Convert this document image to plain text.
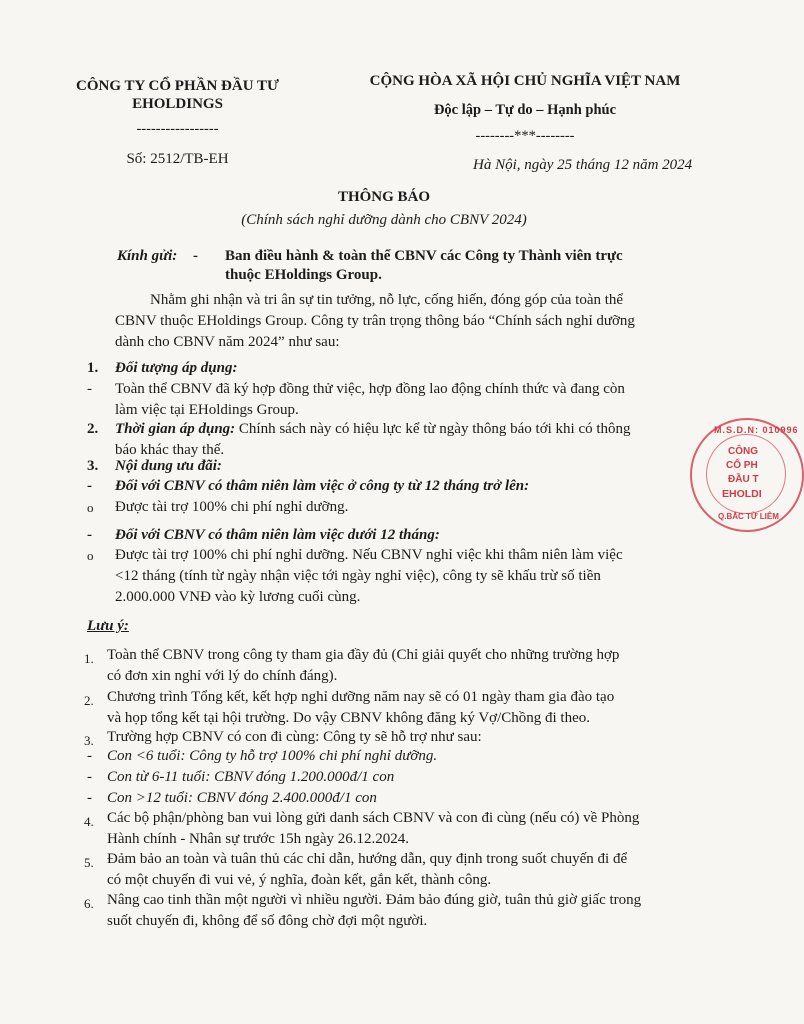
CÔNG TY CỔ PHẦN ĐẦU TƯ
EHOLDINGS
-----------------
Số: 2512/TB-EH
CỘNG HÒA XÃ HỘI CHỦ NGHĨA VIỆT NAM
Độc lập – Tự do – Hạnh phúc
--------***--------
Hà Nội, ngày 25 tháng 12 năm 2024
THÔNG BÁO
(Chính sách nghỉ dưỡng dành cho CBNV 2024)
Kính gửi: - Ban điều hành & toàn thể CBNV các Công ty Thành viên trực
thuộc EHoldings Group.
Nhằm ghi nhận và tri ân sự tin tưởng, nỗ lực, cống hiến, đóng góp của toàn thể
CBNV thuộc EHoldings Group. Công ty trân trọng thông báo “Chính sách nghỉ dưỡng
dành cho CBNV năm 2024” như sau:
1. Đối tượng áp dụng:
- Toàn thể CBNV đã ký hợp đồng thử việc, hợp đồng lao động chính thức và đang còn
làm việc tại EHoldings Group.
2. Thời gian áp dụng: Chính sách này có hiệu lực kể từ ngày thông báo tới khi có thông
báo khác thay thế.
3. Nội dung ưu đãi:
- Đối với CBNV có thâm niên làm việc ở công ty từ 12 tháng trở lên:
o Được tài trợ 100% chi phí nghỉ dưỡng.
- Đối với CBNV có thâm niên làm việc dưới 12 tháng:
o Được tài trợ 100% chi phí nghỉ dưỡng. Nếu CBNV nghỉ việc khi thâm niên làm việc
<12 tháng (tính từ ngày nhận việc tới ngày nghỉ việc), công ty sẽ khấu trừ số tiền
2.000.000 VNĐ vào kỳ lương cuối cùng.
Lưu ý:
1. Toàn thể CBNV trong công ty tham gia đầy đủ (Chỉ giải quyết cho những trường hợp
có đơn xin nghỉ với lý do chính đáng).
2. Chương trình Tổng kết, kết hợp nghỉ dưỡng năm nay sẽ có 01 ngày tham gia đào tạo
và họp tổng kết tại hội trường. Do vậy CBNV không đăng ký Vợ/Chồng đi theo.
3. Trường hợp CBNV có con đi cùng: Công ty sẽ hỗ trợ như sau:
- Con <6 tuổi: Công ty hỗ trợ 100% chi phí nghỉ dưỡng.
- Con từ 6-11 tuổi: CBNV đóng 1.200.000đ/1 con
- Con >12 tuổi: CBNV đóng 2.400.000đ/1 con
4. Các bộ phận/phòng ban vui lòng gửi danh sách CBNV và con đi cùng (nếu có) về Phòng
Hành chính - Nhân sự trước 15h ngày 26.12.2024.
5. Đảm bảo an toàn và tuân thủ các chỉ dẫn, hướng dẫn, quy định trong suốt chuyến đi để
có một chuyến đi vui vẻ, ý nghĩa, đoàn kết, gắn kết, thành công.
6. Nâng cao tinh thần một người vì nhiều người. Đảm bảo đúng giờ, tuân thủ giờ giấc trong
suốt chuyến đi, không để số đông chờ đợi một người.
M.S.D.N: 010996
CÔNG
CỔ PH
ĐẦU T
EHOLDI
Q.BẮC TỪ LIÊM
